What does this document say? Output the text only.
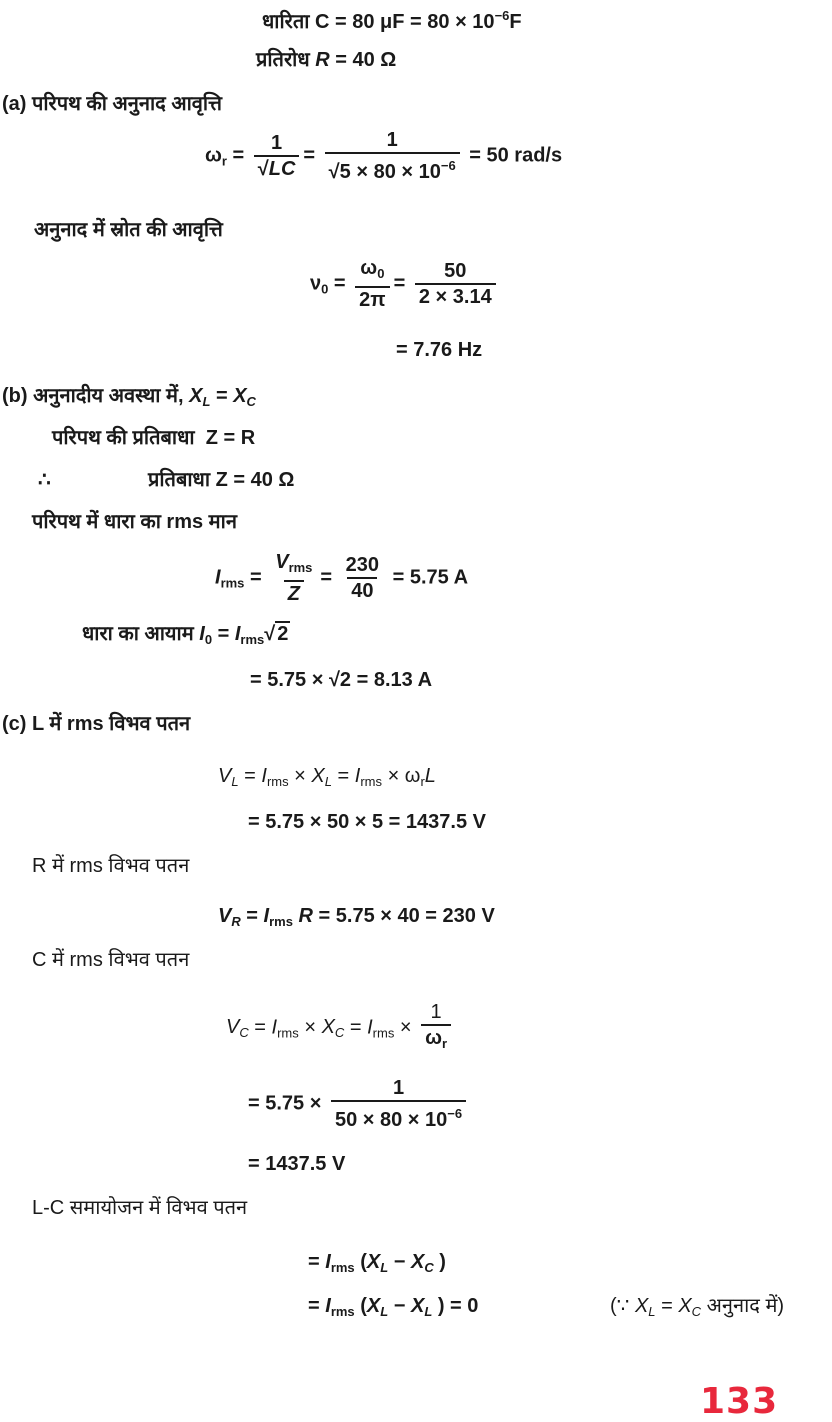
धारिता C = 80 $\mu F = 80 \times 10^{-6}F$
प्रतिरोध R = 40 Ω
(a) परिपथ की अनुनाद आवृत्ति
$\omega_r = \frac{1}{√LC} = \frac{1}{√5 \times 80 \times 10^{-6}} = 50$ rad/s
अनुनाद में स्रोत की आवृत्ति
$\nu_0 = \frac{\omega_0}{2\pi} = \frac{50}{2 \times 3.14}$
= 7.76 Hz
(b) अनुनादीय अवस्था में, $X_L = X_C$
परिपथ की प्रतिबाधा Z = R
∴	प्रतिबाधा Z = 40 Ω
परिपथ में धारा का rms मान
$I_{rms} = \frac{V_{rms}}{Z} = \frac{230}{40} = 5.75$ A
धारा का आयाम $I_0 = I_{rms}√$ 2
= 5.75 × √2 = 8.13 A
(c) L में rms विभव पतन
$V_L = I_{rms} \times X_L = I_{rms} \times \omega_rL$
= 5.75 × 50 × 5 = 1437.5 V
R में rms विभव पतन
$V_R = I_{rms}$ R = 5.75 × 40 = 230 V
C में rms विभव पतन
$V_C = I_{rms} \times X_C = I_{rms} \times \frac{1}{\omega_r}$
= $5.75 \times \frac{1}{50 \times 80 \times 10^{-6}}$
= 1437.5 V
L-C समायोजन में विभव पतन
= $I_{rms}$ ($X_L - X_C$ )
= $I_{rms}$ ($X_L - X_L$ ) = 0	(∵ $X_L = X_C$ अनुनाद में)
133
